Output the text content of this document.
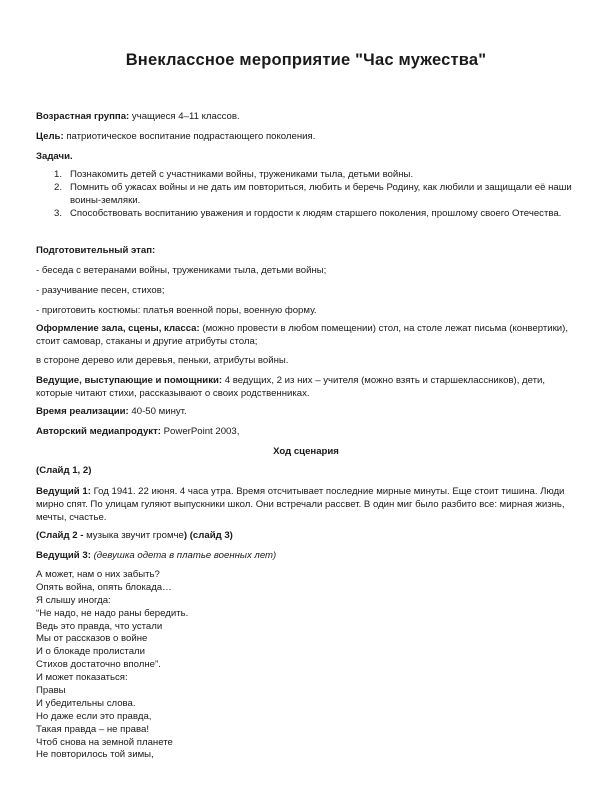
Внеклассное мероприятие "Час мужества"
Возрастная группа: учащиеся 4–11 классов.
Цель: патриотическое воспитание подрастающего поколения.
Задачи.
1. Познакомить детей с участниками войны, тружениками тыла, детьми войны.
2. Помнить об ужасах войны и не дать им повториться, любить и беречь Родину, как любили и защищали её наши воины-земляки.
3. Способствовать воспитанию уважения и гордости к людям старшего поколения, прошлому своего Отечества.
Подготовительный этап:
- беседа с ветеранами войны, тружениками тыла, детьми войны;
- разучивание песен, стихов;
- приготовить костюмы: платья военной поры, военную форму.
Оформление зала, сцены, класса: (можно провести в любом помещении) стол, на столе лежат письма (конвертики), стоит самовар, стаканы и другие атрибуты стола;
в стороне дерево или деревья, пеньки, атрибуты войны.
Ведущие, выступающие и помощники: 4 ведущих, 2 из них – учителя (можно взять и старшеклассников), дети, которые читают стихи, рассказывают о своих родственниках.
Время реализации: 40-50 минут.
Авторский медиапродукт: PowerPoint 2003,
Ход сценария
(Слайд 1, 2)
Ведущий 1: Год 1941. 22 июня. 4 часа утра. Время отсчитывает последние мирные минуты. Еще стоит тишина. Люди мирно спят. По улицам гуляют выпускники школ. Они встречали рассвет. В один миг было разбито все: мирная жизнь, мечты, счастье.
(Слайд 2 - музыка звучит громче) (слайд 3)
Ведущий 3: (девушка одета в платье военных лет)
А может, нам о них забыть?
Опять война, опять блокада…
Я слышу иногда:
“Не надо, не надо раны бередить.
Ведь это правда, что устали
Мы от рассказов о войне
И о блокаде пролистали
Стихов достаточно вполне”.
И может показаться:
Правы
И убедительны слова.
Но даже если это правда,
Такая правда – не права!
Чтоб снова на земной планете
Не повторилось той зимы,
